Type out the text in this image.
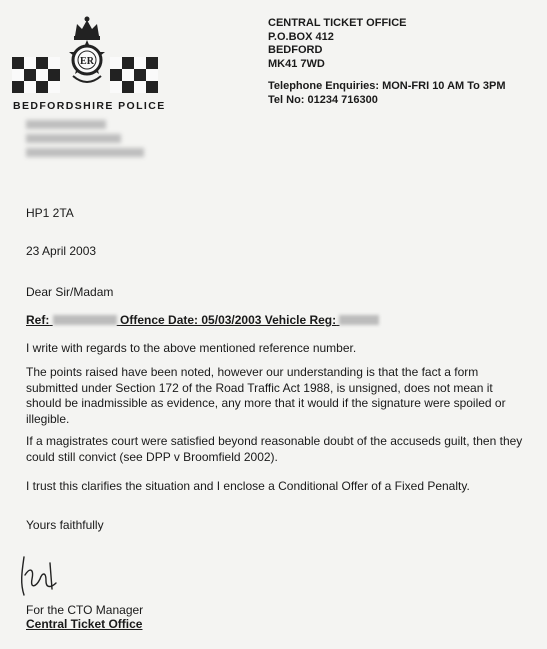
ER
BEDFORDSHIRE POLICE
CENTRAL TICKET OFFICE
P.O.BOX 412
BEDFORD
MK41 7WD
Telephone Enquiries: MON-FRI 10 AM To 3PM
Tel No: 01234 716300
HP1 2TA
23 April 2003
Dear Sir/Madam
Ref:	Offence Date: 05/03/2003 Vehicle Reg:
I write with regards to the above mentioned reference number.
The points raised have been noted, however our understanding is that the fact a form submitted under Section 172 of the Road Traffic Act 1988, is unsigned, does not mean it should be inadmissible as evidence, any more that it would if the signature were spoiled or illegible.
If a magistrates court were satisfied beyond reasonable doubt of the accuseds guilt, then they could still convict (see DPP v Broomfield 2002).
I trust this clarifies the situation and I enclose a Conditional Offer of a Fixed Penalty.
Yours faithfully
For the CTO Manager
Central Ticket Office
